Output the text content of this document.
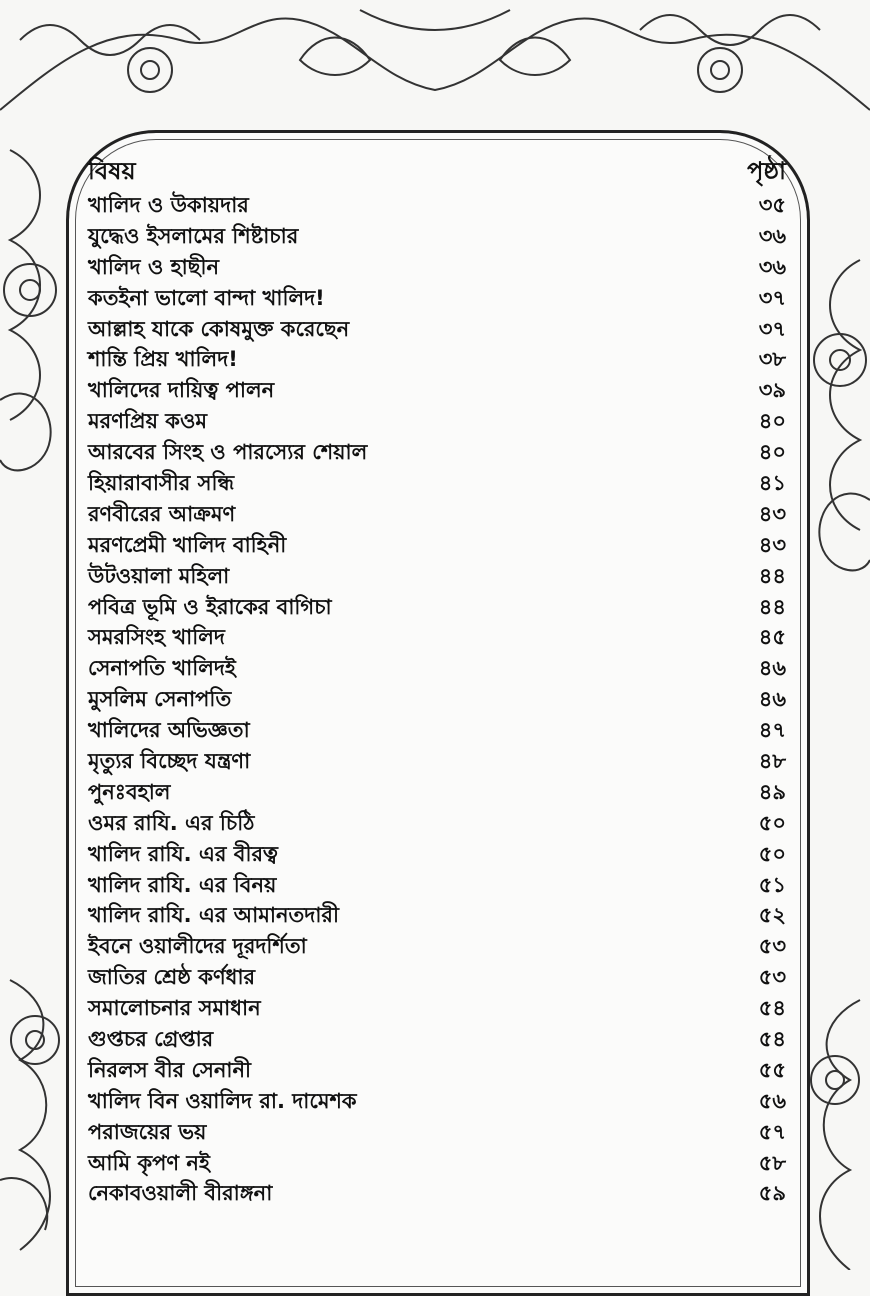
বিষয়	পৃষ্ঠা
খালিদ ও উকায়দার	৩৫
যুদ্ধেও ইসলামের শিষ্টাচার	৩৬
খালিদ ও হাছীন	৩৬
কতইনা ভালো বান্দা খালিদ!	৩৭
আল্লাহ যাকে কোষমুক্ত করেছেন	৩৭
শান্তি প্রিয় খালিদ!	৩৮
খালিদের দায়িত্ব পালন	৩৯
মরণপ্রিয় কওম	৪০
আরবের সিংহ ও পারস্যের শেয়াল	৪০
হিয়ারাবাসীর সন্ধি	৪১
রণবীরের আক্রমণ	৪৩
মরণপ্রেমী খালিদ বাহিনী	৪৩
উটওয়ালা মহিলা	৪৪
পবিত্র ভূমি ও ইরাকের বাগিচা	৪৪
সমরসিংহ খালিদ	৪৫
সেনাপতি খালিদই	৪৬
মুসলিম সেনাপতি	৪৬
খালিদের অভিজ্ঞতা	৪৭
মৃত্যুর বিচ্ছেদ যন্ত্রণা	৪৮
পুনঃবহাল	৪৯
ওমর রাযি. এর চিঠি	৫০
খালিদ রাযি. এর বীরত্ব	৫০
খালিদ রাযি. এর বিনয়	৫১
খালিদ রাযি. এর আমানতদারী	৫২
ইবনে ওয়ালীদের দূরদর্শিতা	৫৩
জাতির শ্রেষ্ঠ কর্ণধার	৫৩
সমালোচনার সমাধান	৫৪
গুপ্তচর গ্রেপ্তার	৫৪
নিরলস বীর সেনানী	৫৫
খালিদ বিন ওয়ালিদ রা. দামেশক	৫৬
পরাজয়ের ভয়	৫৭
আমি কৃপণ নই	৫৮
নেকাবওয়ালী বীরাঙ্গনা	৫৯
